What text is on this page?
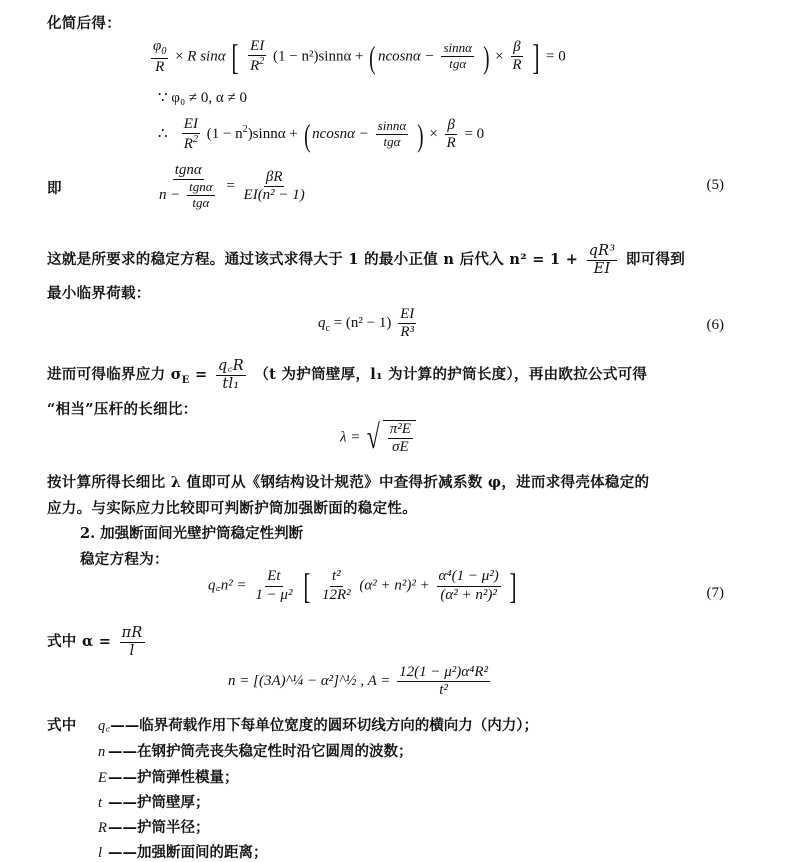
化简后得：
$\frac{\varphi_0}{R} \times R$ sinα [ $\frac{EI}{R^2} (1 - n^2)\sin n\alpha$ + ( $ncosn\alpha - \frac{\sin n\alpha}{\text{tgα}}$ ) × $\frac{\beta}{R}$ ] = 0
∵ φ₀ ≠ 0, α ≠ 0
∴ $\frac{EI}{R^2} (1 - n^2)\sin n\alpha$ + ( $ncosn\alpha - \frac{\sin n\alpha}{\text{tgα}}$ ) × $\frac{\beta}{R} = 0$
即	$\frac{\text{tgnα}}{n - \frac{\text{tgnα}}{\text{tgα}}} = \frac{\beta R}{\text{EI(n² − 1)}}$	(5)
这就是所要求的稳定方程。通过该式求得大于 1 的最小正值 n 后代入 $n^2 = 1 + \frac{\text{qR³}}{EI}$ 即可得到
最小临界荷载：
$q_c = (n^2 - 1) \frac{EI}{\text{R³}}$	(6)
进而可得临界应力 $\sigma_E = \frac{q꜀R}{\text{tl₁}} (t$ 为护筒壁厚，l₁ 为计算的护筒长度），再由欧拉公式可得
“相当”压杆的长细比：
λ = √ $\frac{\text{π²E}}{\sigma E}$
按计算所得长细比 λ 值即可从《钢结构设计规范》中查得折减系数 φ，进而求得壳体稳定的
应力。与实际应力比较即可判断护筒加强断面的稳定性。
2. 加强断面间光壁护筒稳定性判断
稳定方程为：
q꜀n² = $\frac{Et}{\text{1 − μ²}}$ [ $\frac{\text{t²}}{\text{12R²}} (\alpha^2 + n^2)^2 + \frac{\text{α⁴(1 − μ²)}}{\text{(α² + n²)²}}$ ]	(7)
式中 $\alpha = \frac{\pi R}{l}$
n = [(3A)^¼ − α²]^½ , $A = \frac{\text{12(1 − μ²)α⁴R²}}{\text{t²}}$
式中 q꜀——临界荷载作用下每单位宽度的圆环切线方向的横向力（内力）；
n ——在钢护筒壳丧失稳定性时沿它圆周的波数；
E——护筒弹性模量；
t ——护筒壁厚；
R——护筒半径；
l ——加强断面间的距离；
